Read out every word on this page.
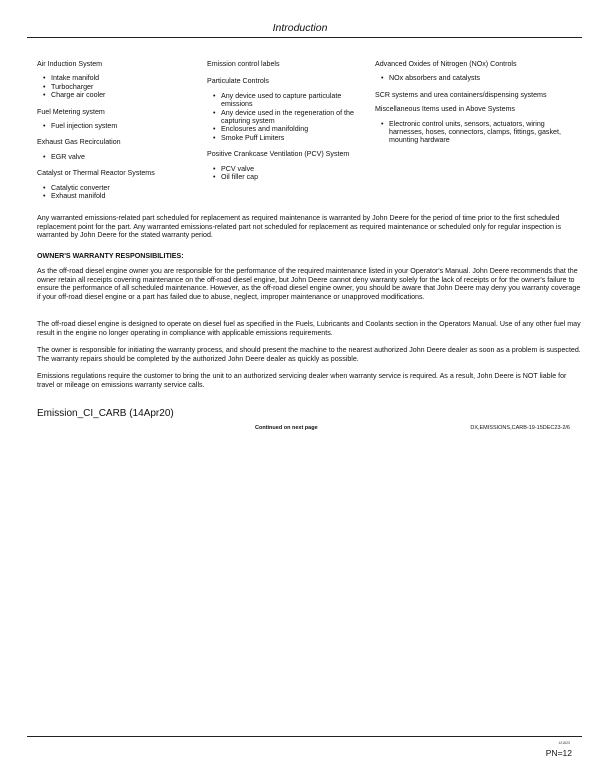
Introduction

Air Induction System

• Intake manifold
• Turbocharger
• Charge air cooler

Fuel Metering system

• Fuel injection system

Exhaust Gas Recirculation

• EGR valve

Catalyst or Thermal Reactor Systems

• Catalytic converter
• Exhaust manifold

Emission control labels

Particulate Controls

• Any device used to capture particulate emissions
• Any device used in the regeneration of the capturing system
• Enclosures and manifolding
• Smoke Puff Limiters

Positive Crankcase Ventilation (PCV) System

• PCV valve
• Oil filler cap

Advanced Oxides of Nitrogen (NOx) Controls

• NOx absorbers and catalysts

SCR systems and urea containers/dispensing systems

Miscellaneous Items used in Above Systems

• Electronic control units, sensors, actuators, wiring harnesses, hoses, connectors, clamps, fittings, gasket, mounting hardware

Any warranted emissions-related part scheduled for replacement as required maintenance is warranted by John Deere for the period of time prior to the first scheduled replacement point for the part. Any warranted emissions-related part not scheduled for replacement as required maintenance or scheduled only for regular inspection is warranted by John Deere for the stated warranty period.

OWNER'S WARRANTY RESPONSIBILITIES:

As the off-road diesel engine owner you are responsible for the performance of the required maintenance listed in your Operator's Manual. John Deere recommends that the owner retain all receipts covering maintenance on the off-road diesel engine, but John Deere cannot deny warranty solely for the lack of receipts or for the owner's failure to ensure the performance of all scheduled maintenance. However, as the off-road diesel engine owner, you should be aware that John Deere may deny you warranty coverage if your off-road diesel engine or a part has failed due to abuse, neglect, improper maintenance or unapproved modifications.

The off-road diesel engine is designed to operate on diesel fuel as specified in the Fuels, Lubricants and Coolants section in the Operators Manual. Use of any other fuel may result in the engine no longer operating in compliance with applicable emissions requirements.

The owner is responsible for initiating the warranty process, and should present the machine to the nearest authorized John Deere dealer as soon as a problem is suspected. The warranty repairs should be completed by the authorized John Deere dealer as quickly as possible.

Emissions regulations require the customer to bring the unit to an authorized servicing dealer when warranty service is required. As a result, John Deere is NOT liable for travel or mileage on emissions warranty service calls.

Emission_CI_CARB (14Apr20)
Continued on next page	DX,EMISSIONS,CARB-19-15DEC23-2/6
121623
PN=12
